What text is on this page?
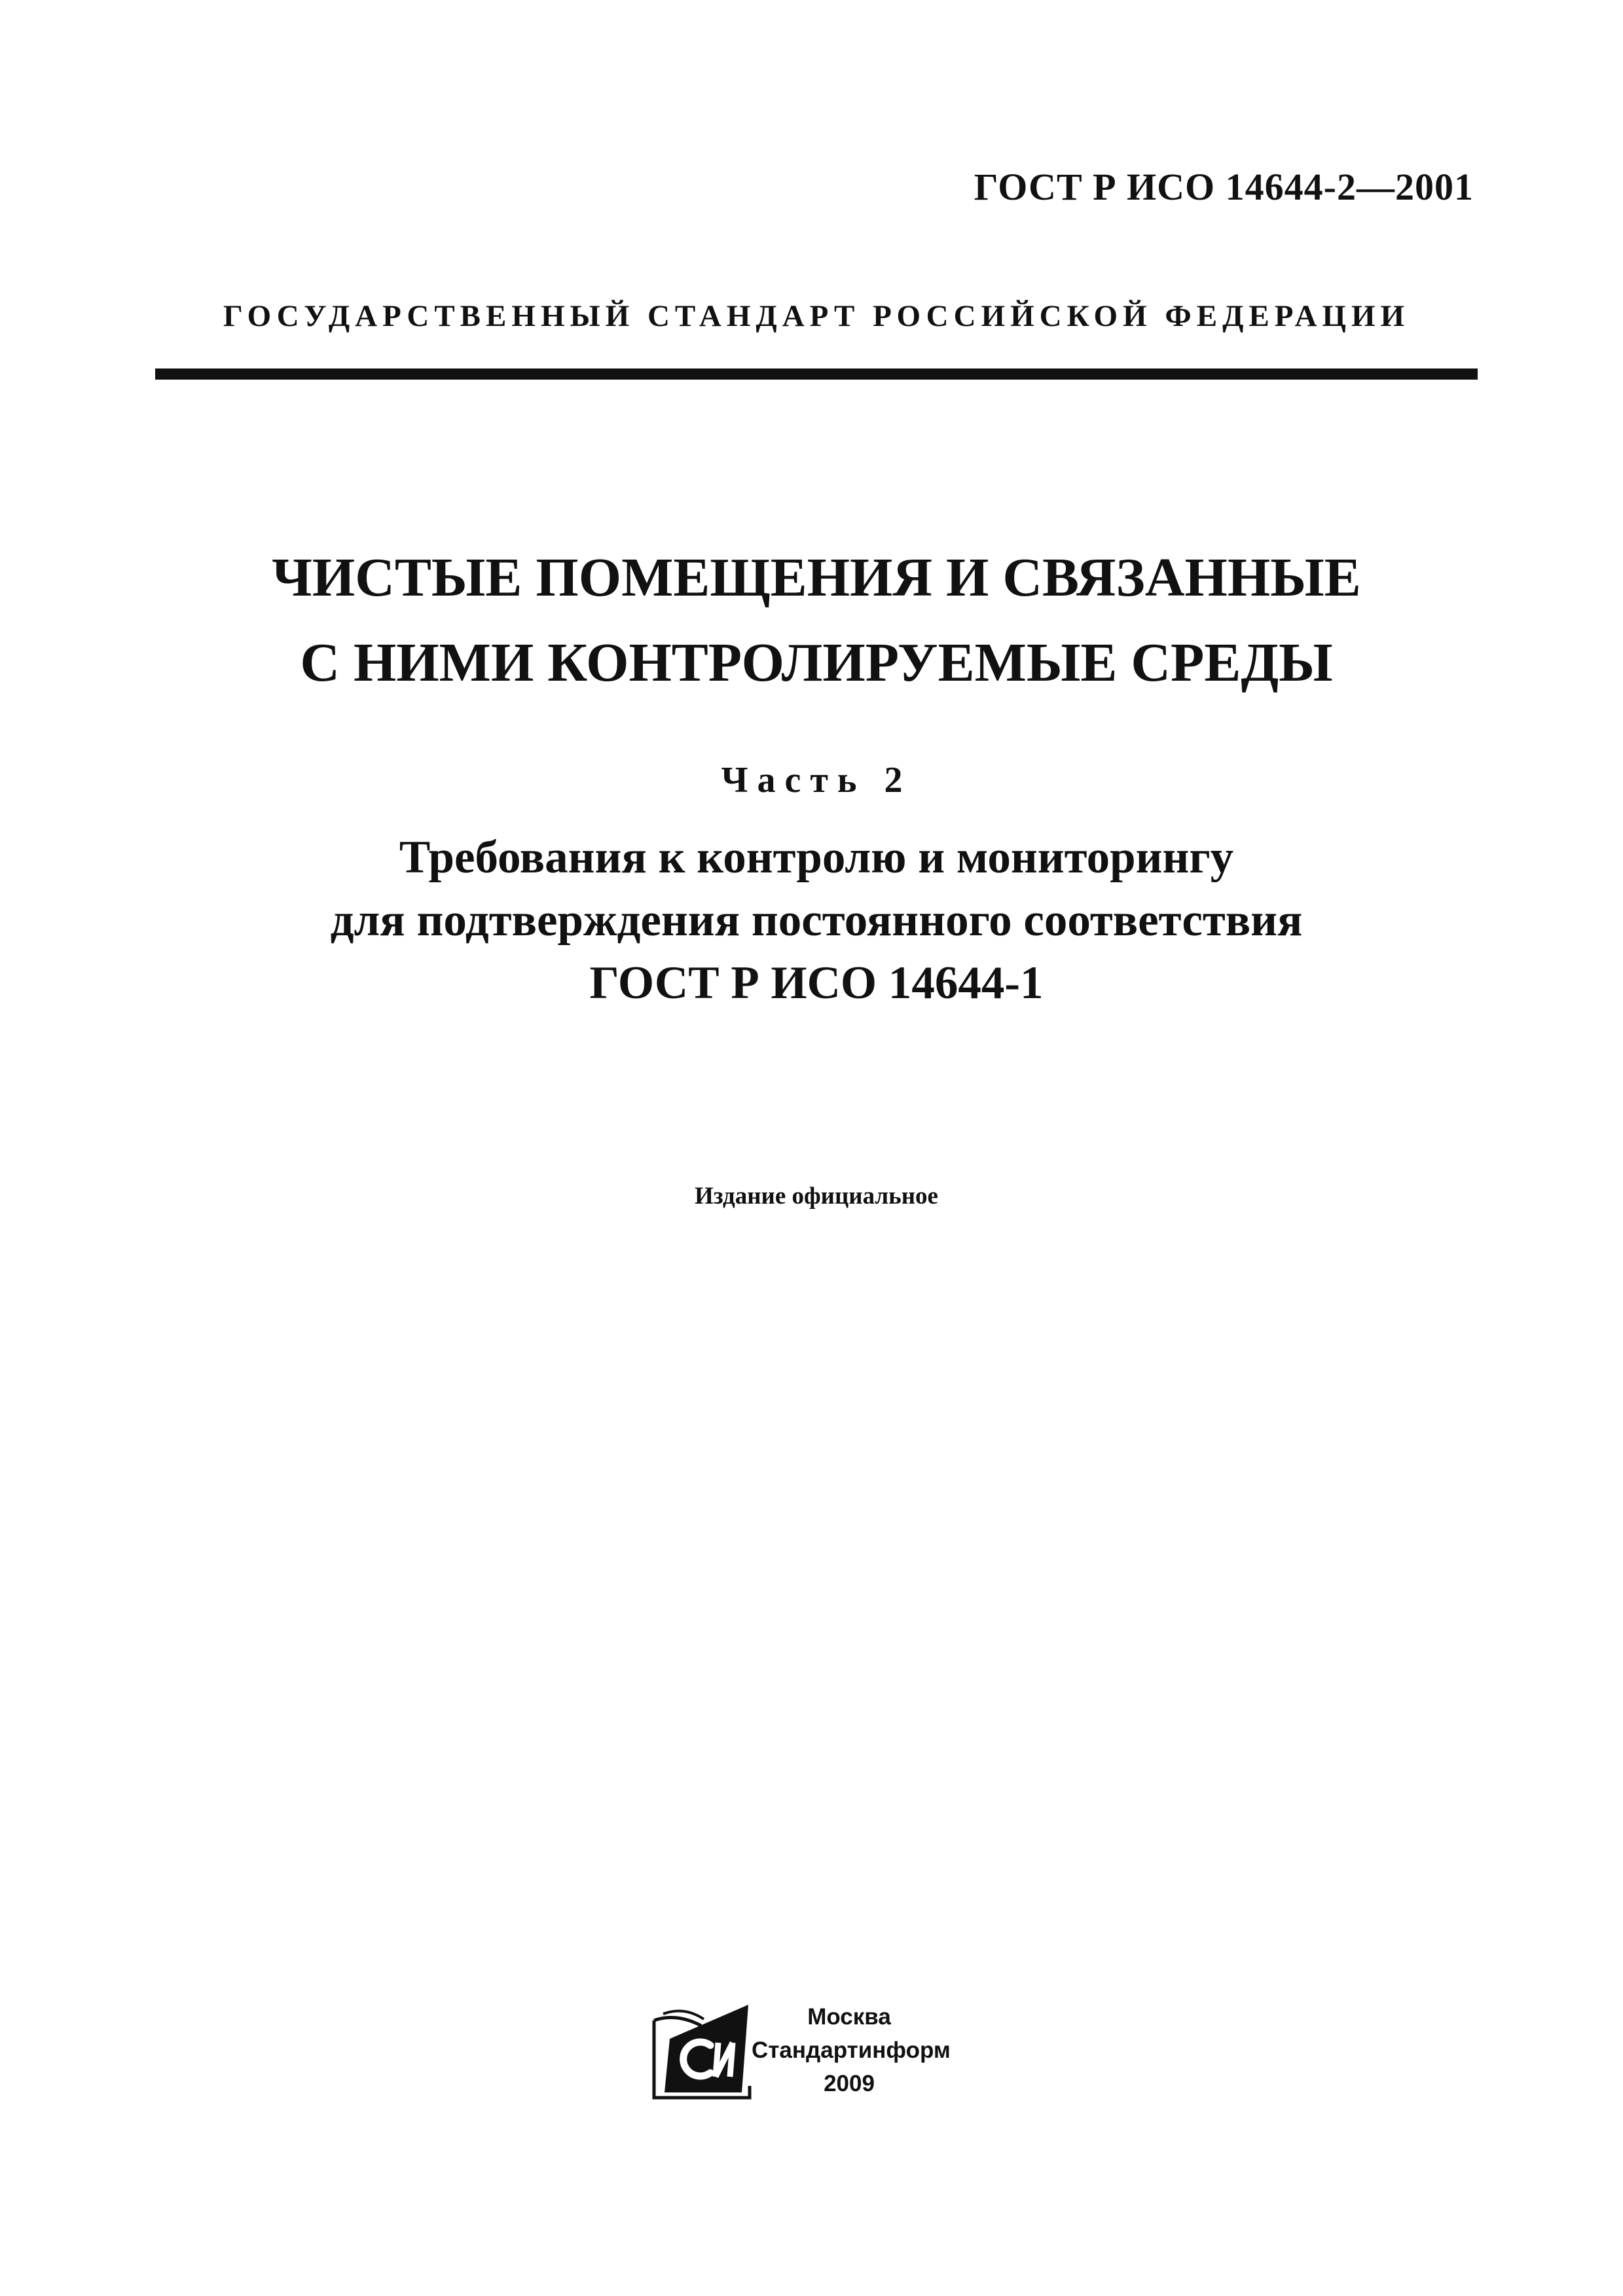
ГОСТ Р ИСО 14644-2—2001
ГОСУДАРСТВЕННЫЙ СТАНДАРТ РОССИЙСКОЙ ФЕДЕРАЦИИ
ЧИСТЫЕ ПОМЕЩЕНИЯ И СВЯЗАННЫЕ
С НИМИ КОНТРОЛИРУЕМЫЕ СРЕДЫ
Часть 2
Требования к контролю и мониторингу
для подтверждения постоянного соответствия
ГОСТ Р ИСО 14644-1
Издание официальное
Москва
Стандартинформ
2009
